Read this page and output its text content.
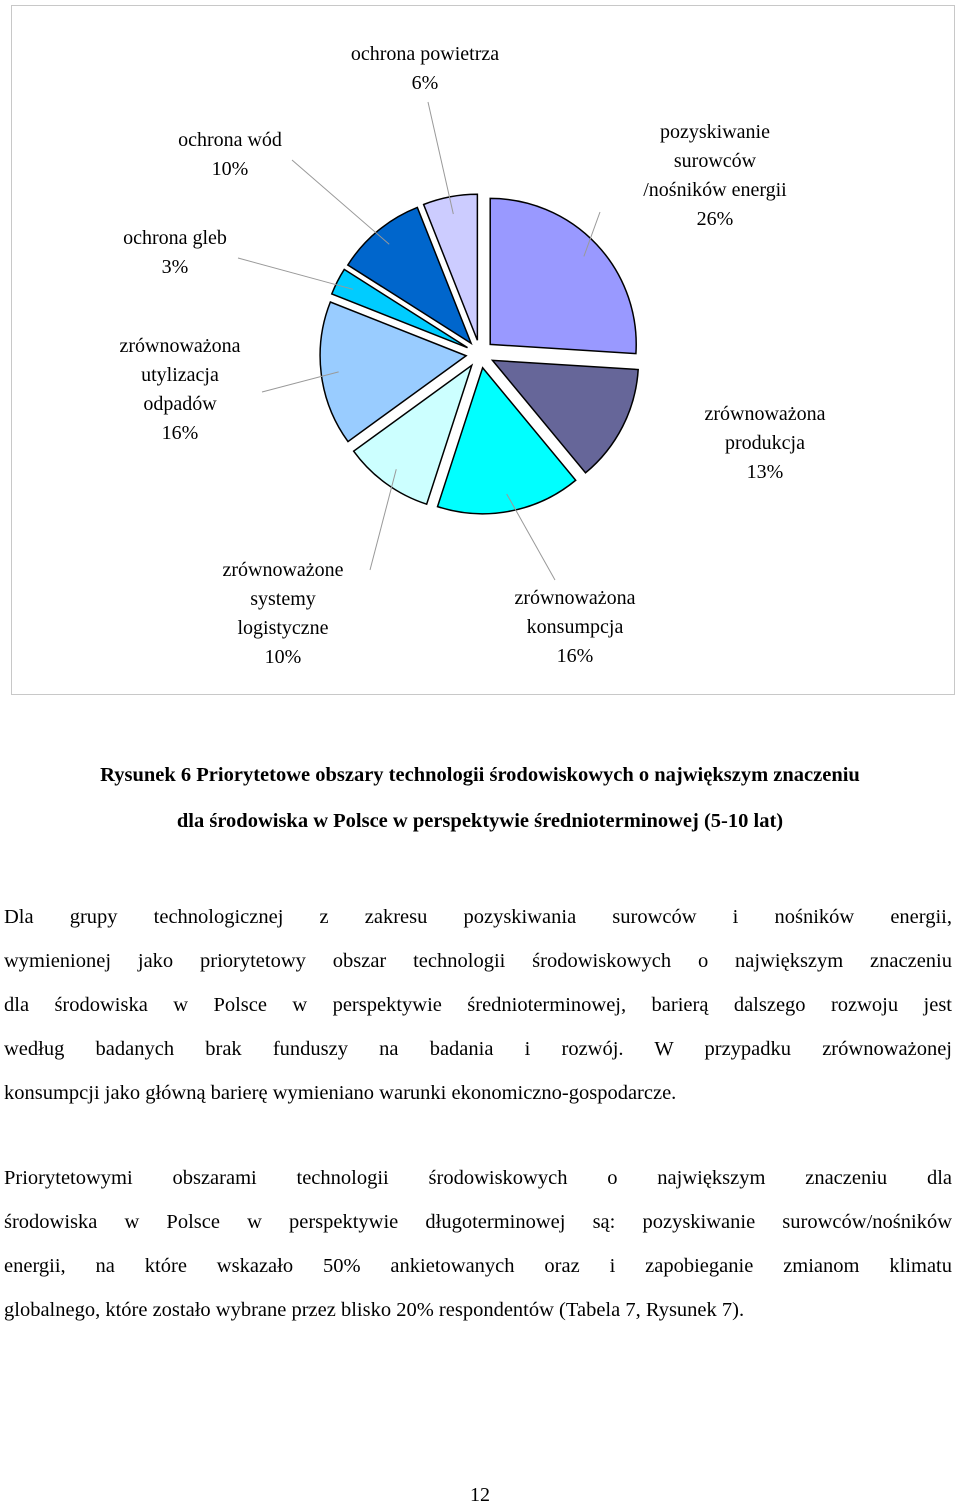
pozyskiwanie
surowców
/nośników energii
26%
zrównoważona
produkcja
13%
zrównoważona
konsumpcja
16%
zrównoważone
systemy
logistyczne
10%
zrównoważona
utylizacja
odpadów
16%
ochrona gleb
3%
ochrona wód
10%
ochrona powietrza
6%
Rysunek 6 Priorytetowe obszary technologii środowiskowych o największym znaczeniu
dla środowiska w Polsce w perspektywie średnioterminowej (5-10 lat)
Dla grupy technologicznej z zakresu pozyskiwania surowców i nośników energii,
wymienionej jako priorytetowy obszar technologii środowiskowych o największym znaczeniu
dla środowiska w Polsce w perspektywie średnioterminowej, barierą dalszego rozwoju jest
według badanych brak funduszy na badania i rozwój. W przypadku zrównoważonej
konsumpcji jako główną barierę wymieniano warunki ekonomiczno-gospodarcze.
Priorytetowymi obszarami technologii środowiskowych o największym znaczeniu dla
środowiska w Polsce w perspektywie długoterminowej są: pozyskiwanie surowców/nośników
energii, na które wskazało 50% ankietowanych oraz i zapobieganie zmianom klimatu
globalnego, które zostało wybrane przez blisko 20% respondentów (Tabela 7, Rysunek 7).
12
